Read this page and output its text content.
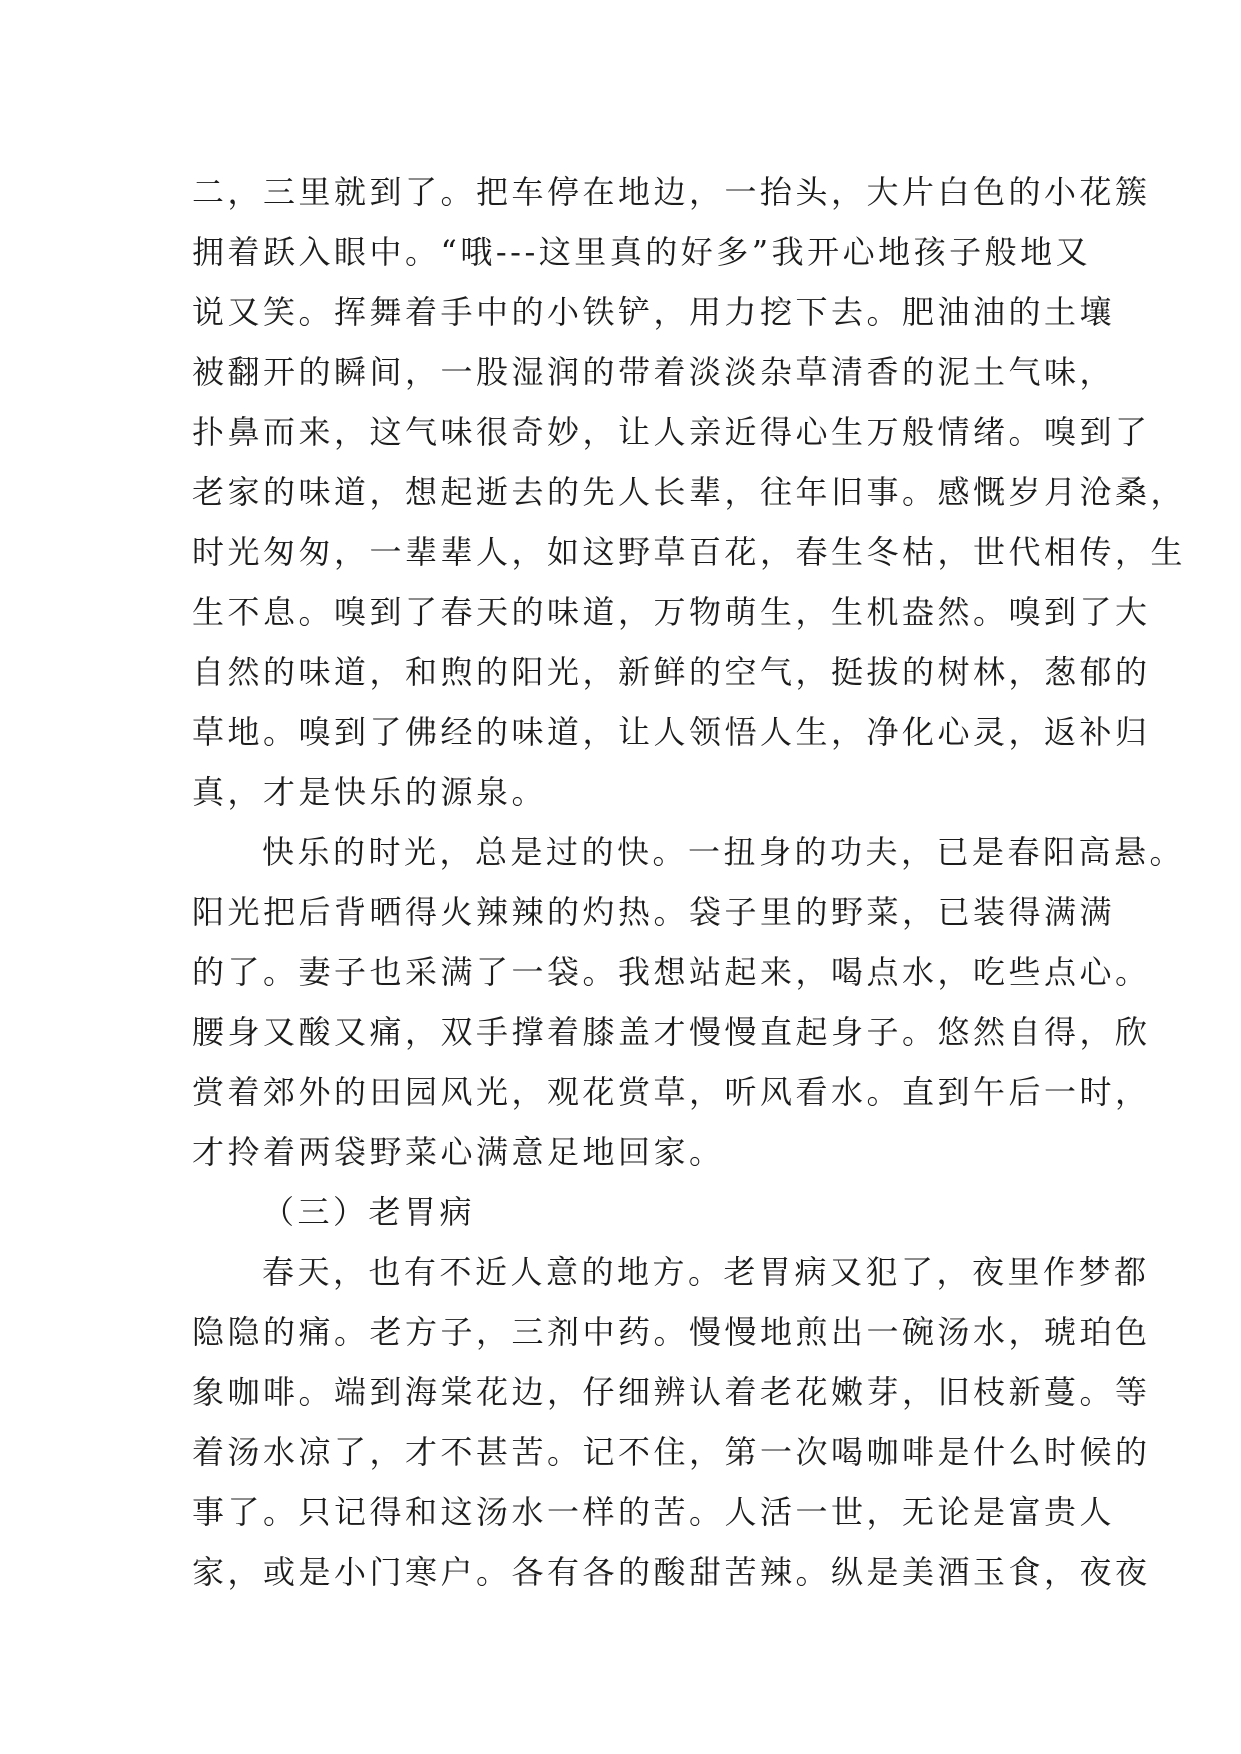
二，三里就到了。把车停在地边，一抬头，大片白色的小花簇
拥着跃入眼中。“哦---这里真的好多”我开心地孩子般地又
说又笑。挥舞着手中的小铁铲，用力挖下去。肥油油的土壤
被翻开的瞬间，一股湿润的带着淡淡杂草清香的泥土气味，
扑鼻而来，这气味很奇妙，让人亲近得心生万般情绪。嗅到了
老家的味道，想起逝去的先人长辈，往年旧事。感慨岁月沧桑，
时光匆匆，一辈辈人，如这野草百花，春生冬枯，世代相传，生
生不息。嗅到了春天的味道，万物萌生，生机盎然。嗅到了大
自然的味道，和煦的阳光，新鲜的空气，挺拔的树林，葱郁的
草地。嗅到了佛经的味道，让人领悟人生，净化心灵，返补归
真，才是快乐的源泉。
快乐的时光，总是过的快。一扭身的功夫，已是春阳高悬。
阳光把后背晒得火辣辣的灼热。袋子里的野菜，已装得满满
的了。妻子也采满了一袋。我想站起来，喝点水，吃些点心。
腰身又酸又痛，双手撑着膝盖才慢慢直起身子。悠然自得，欣
赏着郊外的田园风光，观花赏草，听风看水。直到午后一时，
才拎着两袋野菜心满意足地回家。
（三）老胃病
春天，也有不近人意的地方。老胃病又犯了，夜里作梦都
隐隐的痛。老方子，三剂中药。慢慢地煎出一碗汤水，琥珀色
象咖啡。端到海棠花边，仔细辨认着老花嫩芽，旧枝新蔓。等
着汤水凉了，才不甚苦。记不住，第一次喝咖啡是什么时候的
事了。只记得和这汤水一样的苦。人活一世，无论是富贵人
家，或是小门寒户。各有各的酸甜苦辣。纵是美酒玉食，夜夜
